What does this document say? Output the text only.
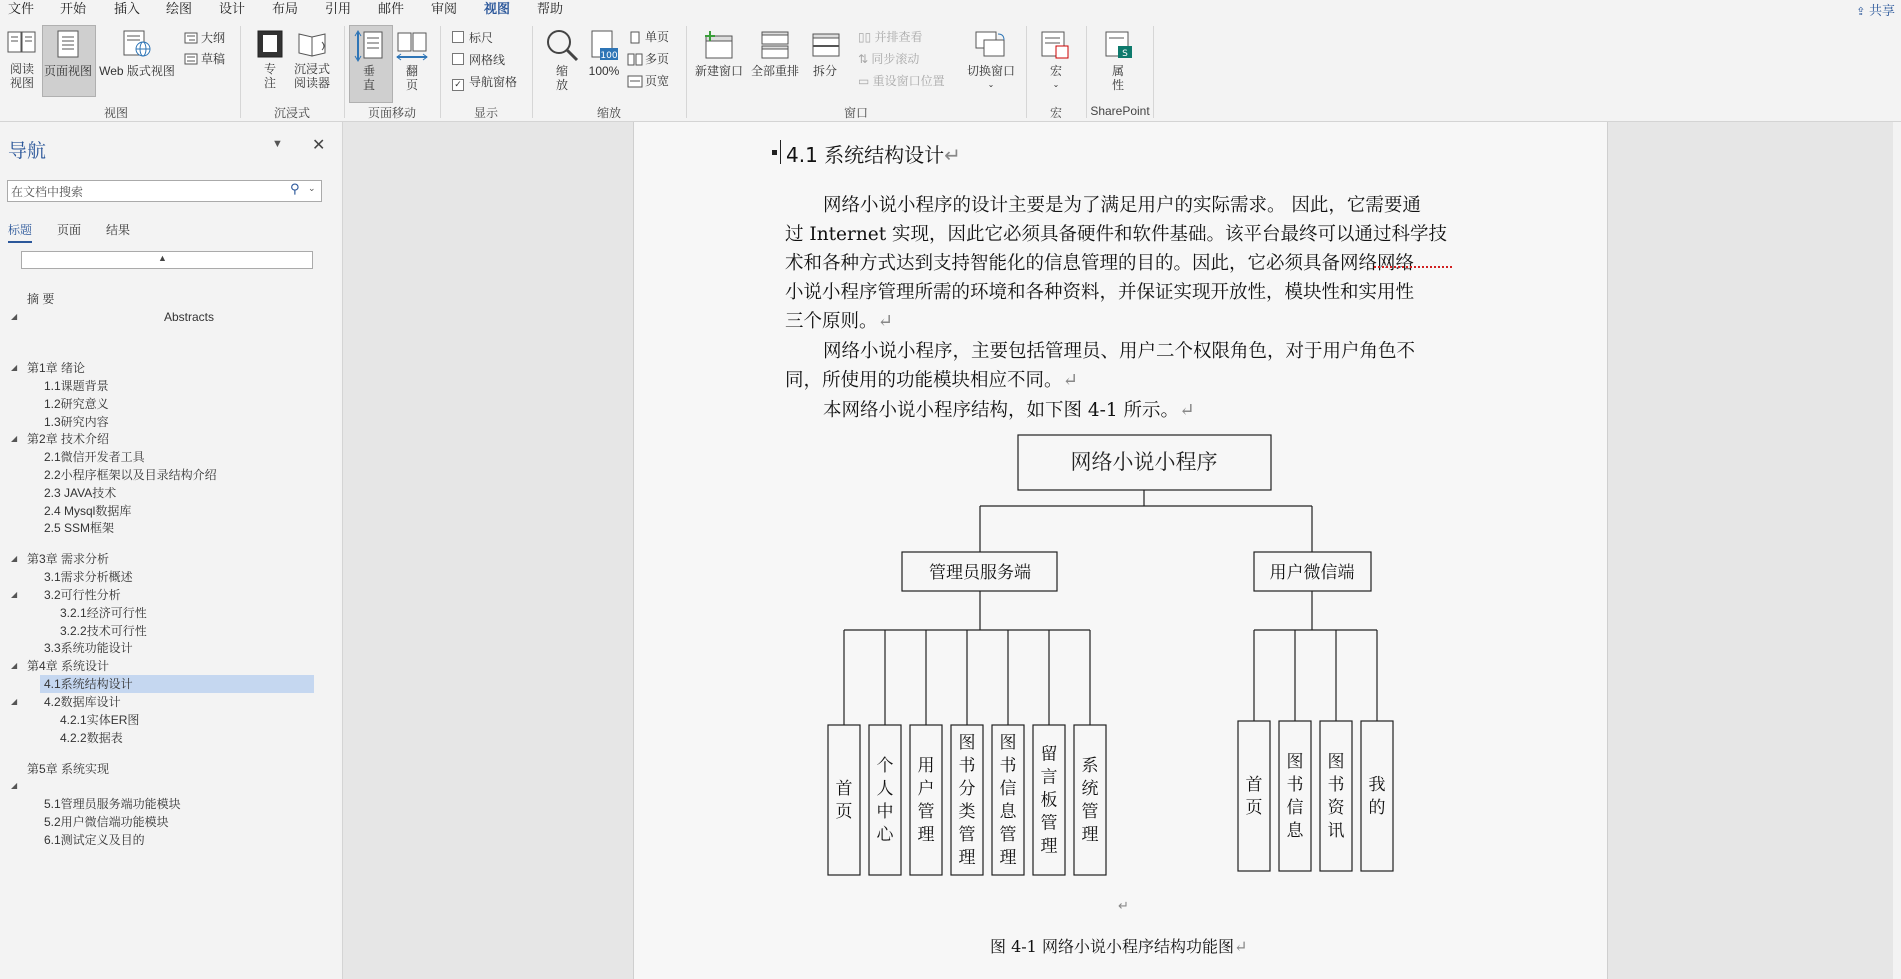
文件 开始 插入 绘图 设计 布局 引用 邮件 审阅 视图 帮助	⇪ 共享
阅读
视图
页面视图 Web 版式视图
大纲
草稿
视图
专
注
沉浸式
阅读器
沉浸式
垂
直
翻
页
页面移动
标尺
网格线
✓ 导航窗格
显示
缩
放
100
100%
单页
多页
页宽
缩放
新建窗口 全部重排	拆分
▯▯ 并排查看
⇅ 同步滚动
▭ 重设窗口位置
切换窗口
⌄
窗口
宏
⌄
宏
S
属
性
SharePoint
导航	▼ ✕
在文档中搜索	⚲ ⌄
标题 页面 结果
▲
摘 要
◢	Abstracts
◢ 第1章 绪论
1.1课题背景
1.2研究意义
1.3研究内容
◢ 第2章 技术介绍
2.1微信开发者工具
2.2小程序框架以及目录结构介绍
2.3 JAVA技术
2.4 Mysql数据库
2.5 SSM框架
◢ 第3章 需求分析
3.1需求分析概述
◢ 3.2可行性分析
3.2.1经济可行性
3.2.2技术可行性
3.3系统功能设计
◢ 第4章 系统设计
4.1系统结构设计
◢ 4.2数据库设计
4.2.1实体ER图
4.2.2数据表
第5章 系统实现
◢
5.1管理员服务端功能模块
5.2用户微信端功能模块
6.1测试定义及目的
4.1 系统结构设计↵
网络小说小程序的设计主要是为了满足用户的实际需求。 因此，它需要通
过 Internet 实现，因此它必须具备硬件和软件基础。该平台最终可以通过科学技
术和各种方式达到支持智能化的信息管理的目的。因此，它必须具备网络网络
小说小程序管理所需的环境和各种资料，并保证实现开放性，模块性和实用性
三个原则。↵
网络小说小程序，主要包括管理员、用户二个权限角色，对于用户角色不
同，所使用的功能模块相应不同。↵
本网络小说小程序结构，如下图 4-1 所示。↵
网络小说小程序
管理员服务端	用户微信端
首页
个人中心
用户管理
图书分类管理
图书信息管理
留言板管理
系统管理
首页
图书信息
图书资讯
我的
↵
图 4-1 网络小说小程序结构功能图↵
